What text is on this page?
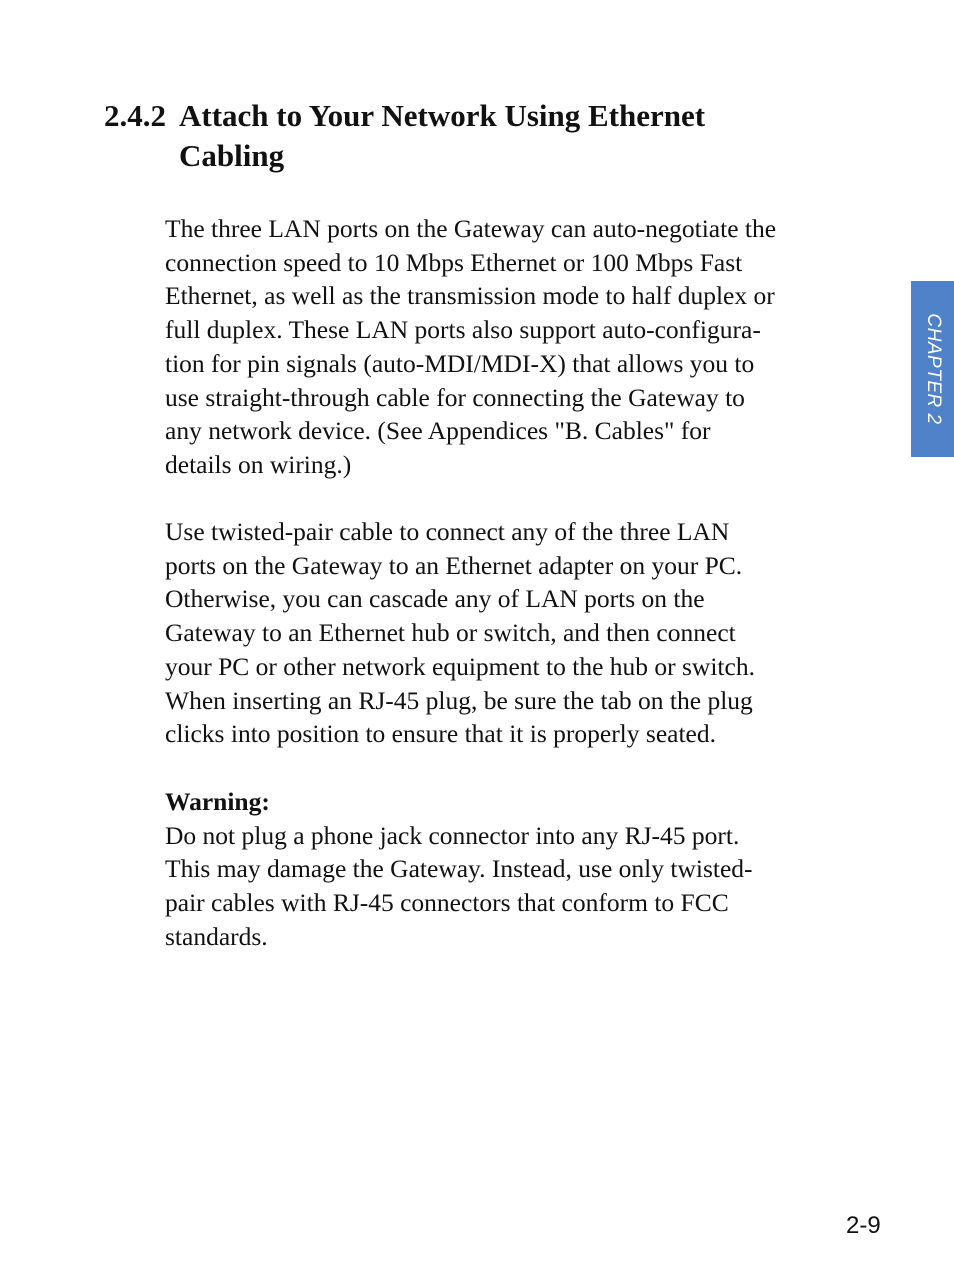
2.4.2 Attach to Your Network Using Ethernet
Cabling
The three LAN ports on the Gateway can auto-negotiate the
connection speed to 10 Mbps Ethernet or 100 Mbps Fast
Ethernet, as well as the transmission mode to half duplex or
full duplex. These LAN ports also support auto-configura-
tion for pin signals (auto-MDI/MDI-X) that allows you to
use straight-through cable for connecting the Gateway to
any network device. (See Appendices "B. Cables" for
details on wiring.)
Use twisted-pair cable to connect any of the three LAN
ports on the Gateway to an Ethernet adapter on your PC.
Otherwise, you can cascade any of LAN ports on the
Gateway to an Ethernet hub or switch, and then connect
your PC or other network equipment to the hub or switch.
When inserting an RJ-45 plug, be sure the tab on the plug
clicks into position to ensure that it is properly seated.
Warning:
Do not plug a phone jack connector into any RJ-45 port.
This may damage the Gateway. Instead, use only twisted-
pair cables with RJ-45 connectors that conform to FCC
standards.
CHAPTER 2
2-9
